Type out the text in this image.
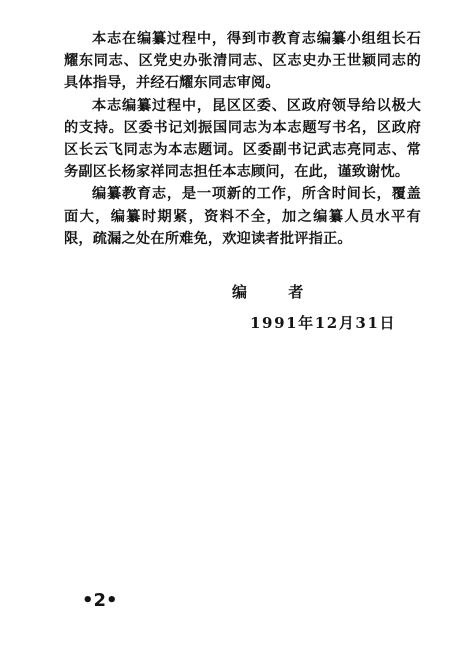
本志在编纂过程中，得到市教育志编纂小组组长石耀东同志、区党史办张清同志、区志史办王世颖同志的具体指导，并经石耀东同志审阅。

本志编纂过程中，昆区区委、区政府领导给以极大的支持。区委书记刘振国同志为本志题写书名，区政府区长云飞同志为本志题词。区委副书记武志亮同志、常务副区长杨家祥同志担任本志顾问，在此，谨致谢忱。

编纂教育志，是一项新的工作，所含时间长，覆盖面大，编纂时期紧，资料不全，加之编纂人员水平有限，疏漏之处在所难免，欢迎读者批评指正。

编 者
1991年12月31日
•2•
